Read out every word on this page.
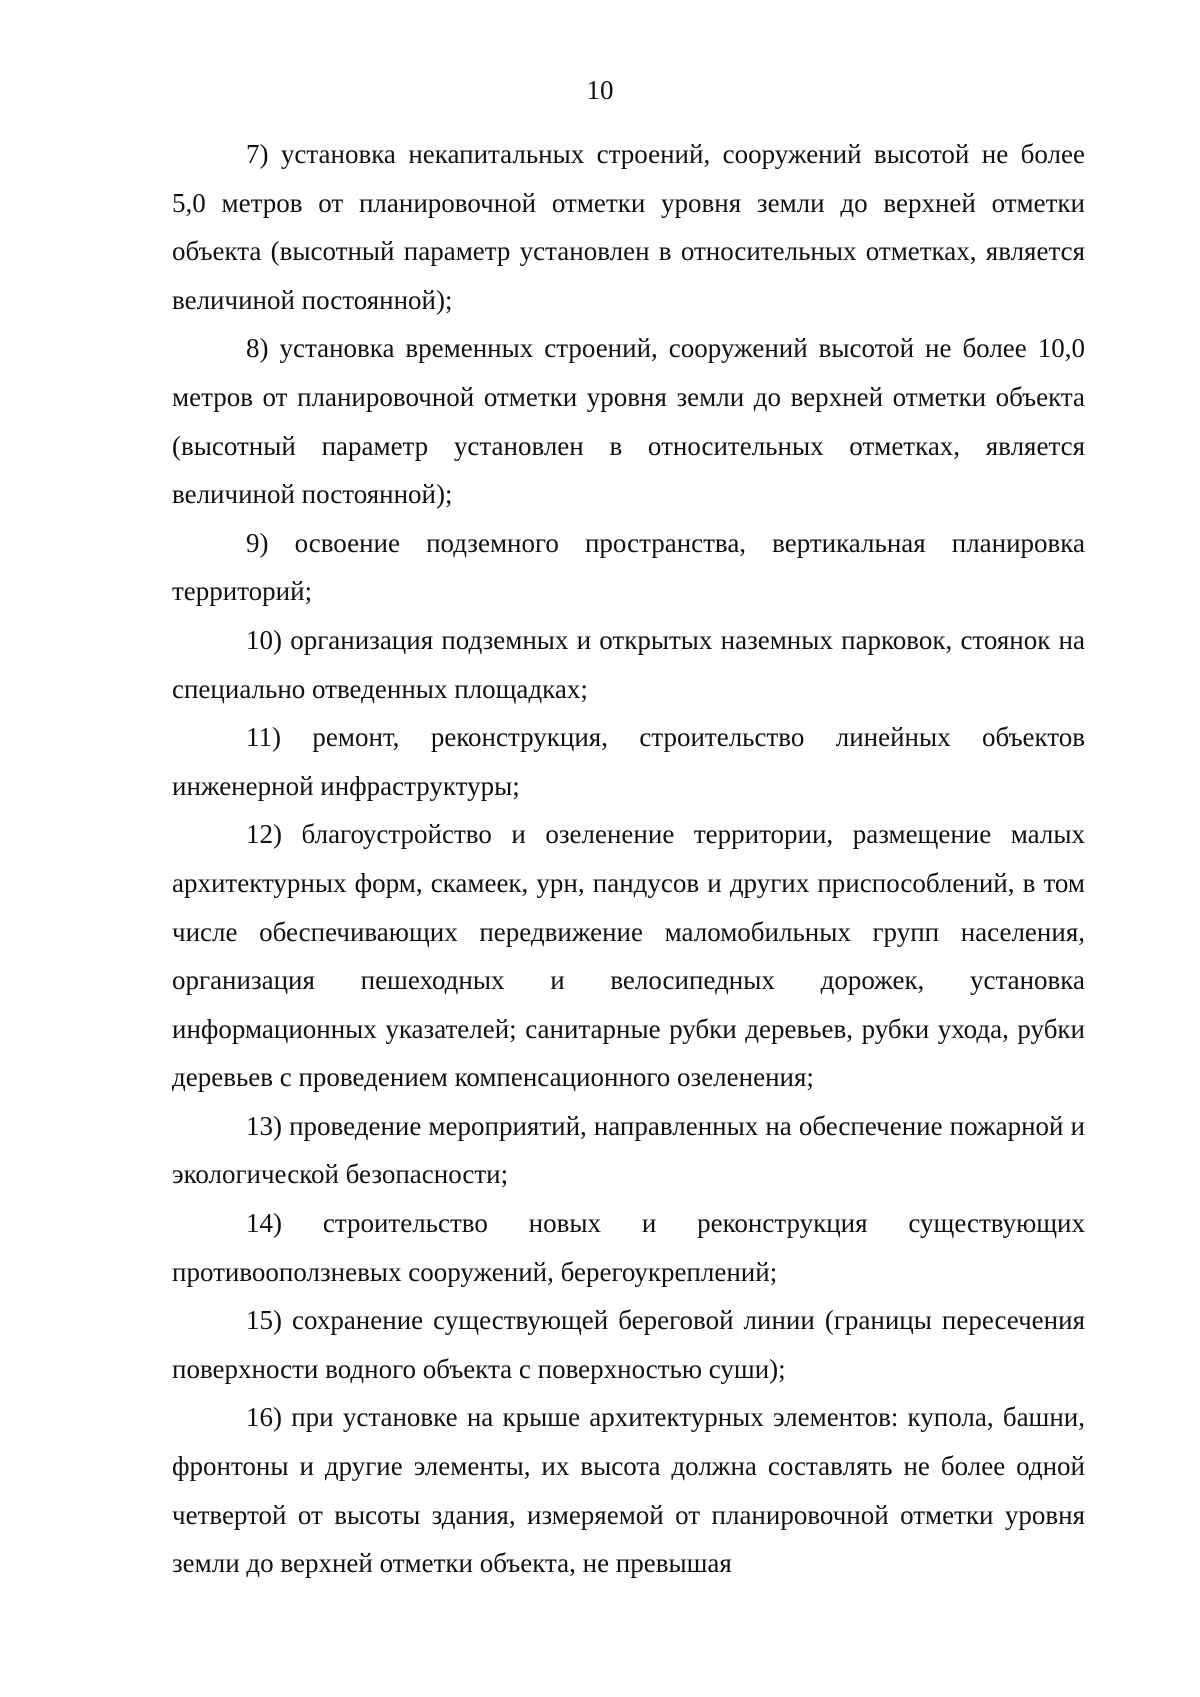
10

7) установка некапитальных строений, сооружений высотой не более 5,0 метров от планировочной отметки уровня земли до верхней отметки объекта (высотный параметр установлен в относительных отметках, является величиной постоянной);

8) установка временных строений, сооружений высотой не более 10,0 метров от планировочной отметки уровня земли до верхней отметки объекта (высотный параметр установлен в относительных отметках, является величиной постоянной);

9) освоение подземного пространства, вертикальная планировка территорий;

10) организация подземных и открытых наземных парковок, стоянок на специально отведенных площадках;

11) ремонт, реконструкция, строительство линейных объектов инженерной инфраструктуры;

12) благоустройство и озеленение территории, размещение малых архитектурных форм, скамеек, урн, пандусов и других приспособлений, в том числе обеспечивающих передвижение маломобильных групп населения, организация пешеходных и велосипедных дорожек, установка информационных указателей; санитарные рубки деревьев, рубки ухода, рубки деревьев с проведением компенсационного озеленения;

13) проведение мероприятий, направленных на обеспечение пожарной и экологической безопасности;

14) строительство новых и реконструкция существующих противооползневых сооружений, берегоукреплений;

15) сохранение существующей береговой линии (границы пересечения поверхности водного объекта с поверхностью суши);

16) при установке на крыше архитектурных элементов: купола, башни, фронтоны и другие элементы, их высота должна составлять не более одной четвертой от высоты здания, измеряемой от планировочной отметки уровня земли до верхней отметки объекта, не превышая
